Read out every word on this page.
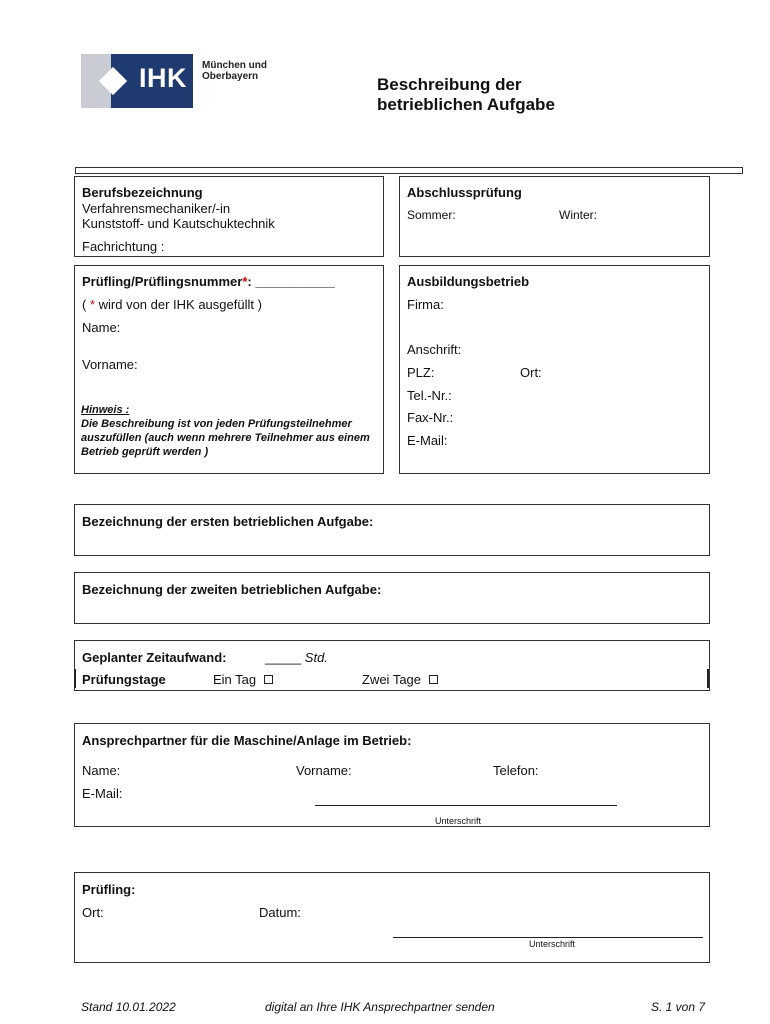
IHK München und
Oberbayern	Beschreibung der
betrieblichen Aufgabe
Berufsbezeichnung
Verfahrensmechaniker/-in
Kunststoff- und Kautschuktechnik
Fachrichtung :
Abschlussprüfung
Sommer:	Winter:
Prüfling/Prüflingsnummer*: ___________
( * wird von der IHK ausgefüllt )
Name:
Vorname:
Hinweis :
Die Beschreibung ist von jeden Prüfungsteilnehmer auszufüllen (auch wenn mehrere Teilnehmer aus einem Betrieb geprüft werden )
Ausbildungsbetrieb
Firma:
Anschrift:
PLZ:	Ort:
Tel.-Nr.:
Fax-Nr.:
E-Mail:
Bezeichnung der ersten betrieblichen Aufgabe:
Bezeichnung der zweiten betrieblichen Aufgabe:
Geplanter Zeitaufwand:	_____ Std.
Prüfungstage	Ein Tag	Zwei Tage
Ansprechpartner für die Maschine/Anlage im Betrieb:
Name:	Vorname:	Telefon:
E-Mail:
Unterschrift
Prüfling:
Ort:	Datum:
Unterschrift
Stand 10.01.2022	digital an Ihre IHK Ansprechpartner senden	S. 1 von 7
